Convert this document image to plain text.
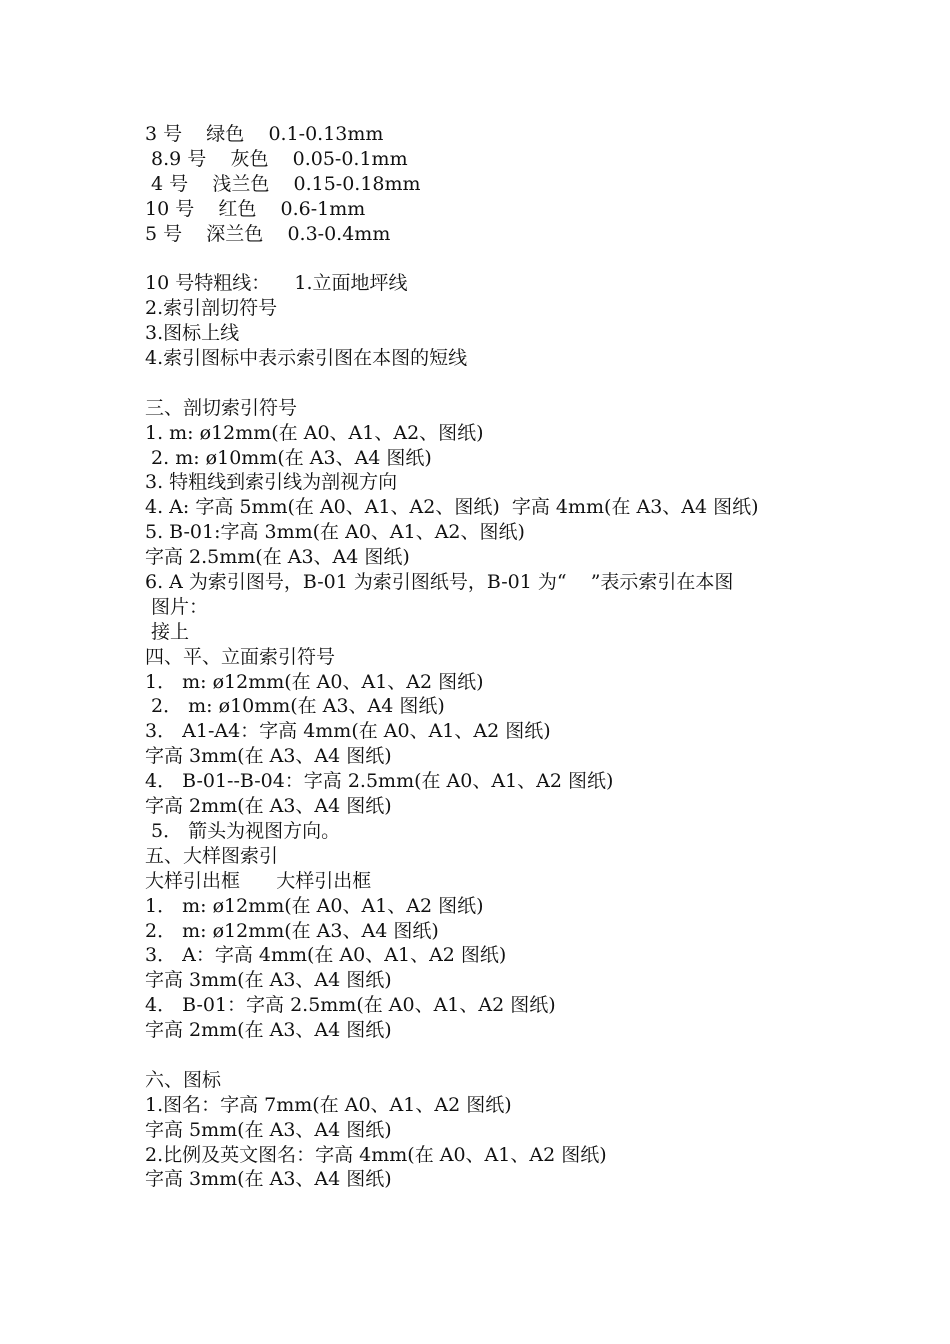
3 号    绿色    0.1-0.13mm
8.9 号    灰色    0.05-0.1mm
4 号    浅兰色    0.15-0.18mm
10 号    红色    0.6-1mm
5 号    深兰色    0.3-0.4mm
10 号特粗线：    1.立面地坪线
2.索引剖切符号
3.图标上线
4.索引图标中表示索引图在本图的短线
三、剖切索引符号
1. m: ø12mm(在 A0、A1、A2、图纸)
2. m: ø10mm(在 A3、A4 图纸)
3. 特粗线到索引线为剖视方向
4. A: 字高 5mm(在 A0、A1、A2、图纸)  字高 4mm(在 A3、A4 图纸)
5. B-01:字高 3mm(在 A0、A1、A2、图纸)
字高 2.5mm(在 A3、A4 图纸)
6. A 为索引图号，B-01 为索引图纸号，B-01 为“    ”表示索引在本图
图片：
接上
四、平、立面索引符号
1． m: ø12mm(在 A0、A1、A2 图纸)
2． m: ø10mm(在 A3、A4 图纸)
3． A1-A4：字高 4mm(在 A0、A1、A2 图纸)
字高 3mm(在 A3、A4 图纸)
4． B-01--B-04：字高 2.5mm(在 A0、A1、A2 图纸)
字高 2mm(在 A3、A4 图纸)
5． 箭头为视图方向。
五、大样图索引
大样引出框      大样引出框
1． m: ø12mm(在 A0、A1、A2 图纸)
2． m: ø12mm(在 A3、A4 图纸)
3． A：字高 4mm(在 A0、A1、A2 图纸)
字高 3mm(在 A3、A4 图纸)
4． B-01：字高 2.5mm(在 A0、A1、A2 图纸)
字高 2mm(在 A3、A4 图纸)
六、图标
1.图名：字高 7mm(在 A0、A1、A2 图纸)
字高 5mm(在 A3、A4 图纸)
2.比例及英文图名：字高 4mm(在 A0、A1、A2 图纸)
字高 3mm(在 A3、A4 图纸)
